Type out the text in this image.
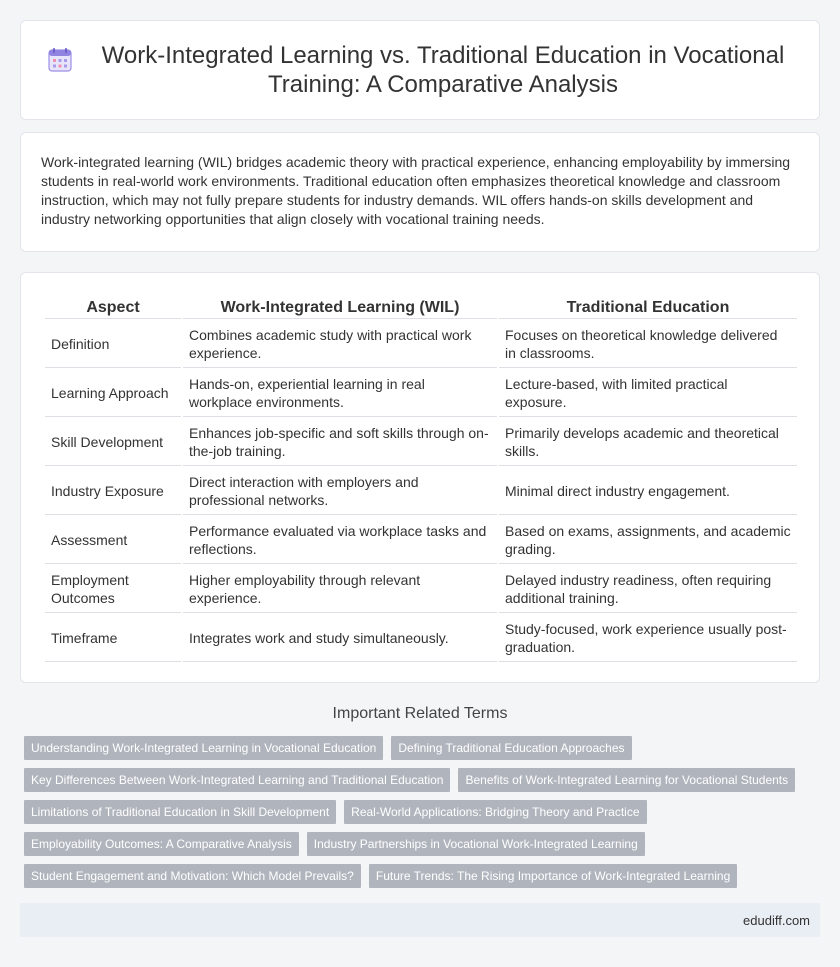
Work-Integrated Learning vs. Traditional Education in Vocational Training: A Comparative Analysis

Work-integrated learning (WIL) bridges academic theory with practical experience, enhancing employability by immersing students in real-world work environments. Traditional education often emphasizes theoretical knowledge and classroom instruction, which may not fully prepare students for industry demands. WIL offers hands-on skills development and industry networking opportunities that align closely with vocational training needs.

Aspect	Work-Integrated Learning (WIL)	Traditional Education
Definition	Combines academic study with practical work experience.	Focuses on theoretical knowledge delivered in classrooms.
Learning Approach	Hands-on, experiential learning in real workplace environments.	Lecture-based, with limited practical exposure.
Skill Development	Enhances job-specific and soft skills through on-the-job training.	Primarily develops academic and theoretical skills.
Industry Exposure	Direct interaction with employers and professional networks.	Minimal direct industry engagement.
Assessment	Performance evaluated via workplace tasks and reflections.	Based on exams, assignments, and academic grading.
Employment Outcomes	Higher employability through relevant experience.	Delayed industry readiness, often requiring additional training.
Timeframe	Integrates work and study simultaneously.	Study-focused, work experience usually post-graduation.
Important Related Terms
Understanding Work-Integrated Learning in Vocational Education	Defining Traditional Education Approaches
Key Differences Between Work-Integrated Learning and Traditional Education	Benefits of Work-Integrated Learning for Vocational Students
Limitations of Traditional Education in Skill Development	Real-World Applications: Bridging Theory and Practice
Employability Outcomes: A Comparative Analysis	Industry Partnerships in Vocational Work-Integrated Learning
Student Engagement and Motivation: Which Model Prevails?	Future Trends: The Rising Importance of Work-Integrated Learning
edudiff.com
